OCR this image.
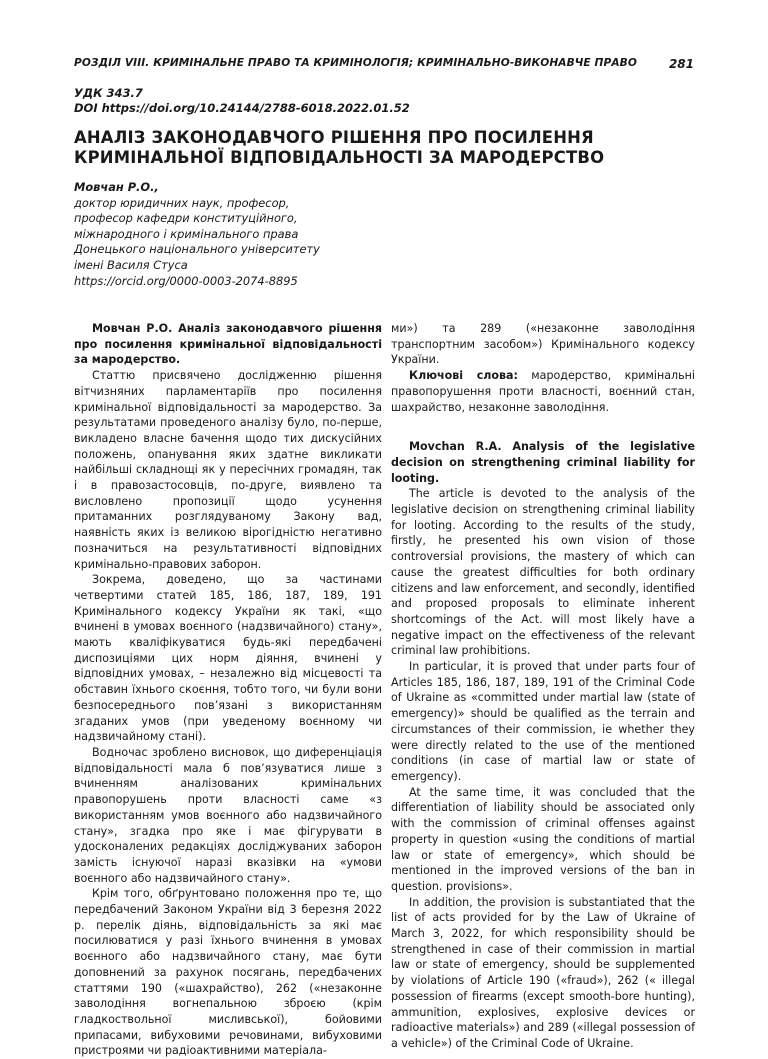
РОЗДІЛ VIII. КРИМІНАЛЬНЕ ПРАВО ТА КРИМІНОЛОГІЯ; КРИМІНАЛЬНО-ВИКОНАВЧЕ ПРАВО	281
УДК 343.7
DOI https://doi.org/10.24144/2788-6018.2022.01.52
АНАЛІЗ ЗАКОНОДАВЧОГО РІШЕННЯ ПРО ПОСИЛЕННЯ КРИМІНАЛЬНОЇ ВІДПОВІДАЛЬНОСТІ ЗА МАРОДЕРСТВО
Мовчан Р.О.,
доктор юридичних наук, професор,
професор кафедри конституційного,
міжнародного і кримінального права
Донецького національного університету
імені Василя Стуса
https://orcid.org/0000-0003-2074-8895

Мовчан Р.О. Аналіз законодавчого рішення про посилення кримінальної відповідальності за мародерство.

Статтю присвячено дослідженню рішення вітчизняних парламентаріїв про посилення кримінальної відповідальності за мародерство. За результатами проведеного аналізу було, по-перше, викладено власне бачення щодо тих дискусійних положень, опанування яких здатне викликати найбільші складнощі як у пересічних громадян, так і в правозастосовців, по-друге, виявлено та висловлено пропозиції щодо усунення притаманних розглядуваному Закону вад, наявність яких із великою вірогідністю негативно позначиться на результативності відповідних кримінально-правових заборон.

Зокрема, доведено, що за частинами четвертими статей 185, 186, 187, 189, 191 Кримінального кодексу України як такі, «що вчинені в умовах воєнного (надзвичайного) стану», мають кваліфікуватися будь-які передбачені диспозиціями цих норм діяння, вчинені у відповідних умовах, – незалежно від місцевості та обставин їхнього скоєння, тобто того, чи були вони безпосереднього пов’язані з використанням згаданих умов (при уведеному воєнному чи надзвичайному стані).

Водночас зроблено висновок, що диференціація відповідальності мала б пов’язуватися лише з вчиненням аналізованих кримінальних правопорушень проти власності саме «з використанням умов воєнного або надзвичайного стану», згадка про яке і має фігурувати в удосконалених редакціях досліджуваних заборон замість існуючої наразі вказівки на «умови воєнного або надзвичайного стану».

Крім того, обґрунтовано положення про те, що передбачений Законом України від 3 березня 2022 р. перелік діянь, відповідальність за які має посилюватися у разі їхнього вчинення в умовах воєнного або надзвичайного стану, має бути доповнений за рахунок посягань, передбачених статтями 190 («шахрайство), 262 («незаконне заволодіння вогнепальною зброєю (крім гладкоствольної мисливської), бойовими припасами, вибуховими речовинами, вибуховими пристроями чи радіоактивними матеріала-

ми») та 289 («незаконне заволодіння транспортним засобом») Кримінального кодексу України.

Ключові слова: мародерство, кримінальні правопорушення проти власності, воєнний стан, шахрайство, незаконне заволодіння.

Movchan R.A. Analysis of the legislative decision on strengthening criminal liability for looting.

The article is devoted to the analysis of the legislative decision on strengthening criminal liability for looting. According to the results of the study, firstly, he presented his own vision of those controversial provisions, the mastery of which can cause the greatest difficulties for both ordinary citizens and law enforcement, and secondly, identified and proposed proposals to eliminate inherent shortcomings of the Act. will most likely have a negative impact on the effectiveness of the relevant criminal law prohibitions.

In particular, it is proved that under parts four of Articles 185, 186, 187, 189, 191 of the Criminal Code of Ukraine as «committed under martial law (state of emergency)» should be qualified as the terrain and circumstances of their commission, ie whether they were directly related to the use of the mentioned conditions (in case of martial law or state of emergency).

At the same time, it was concluded that the differentiation of liability should be associated only with the commission of criminal offenses against property in question «using the conditions of martial law or state of emergency», which should be mentioned in the improved versions of the ban in question. provisions».

In addition, the provision is substantiated that the list of acts provided for by the Law of Ukraine of March 3, 2022, for which responsibility should be strengthened in case of their commission in martial law or state of emergency, should be supplemented by violations of Article 190 («fraud»), 262 (« illegal possession of firearms (except smooth-bore hunting), ammunition, explosives, explosive devices or radioactive materials») and 289 («illegal possession of a vehicle») of the Criminal Code of Ukraine.
